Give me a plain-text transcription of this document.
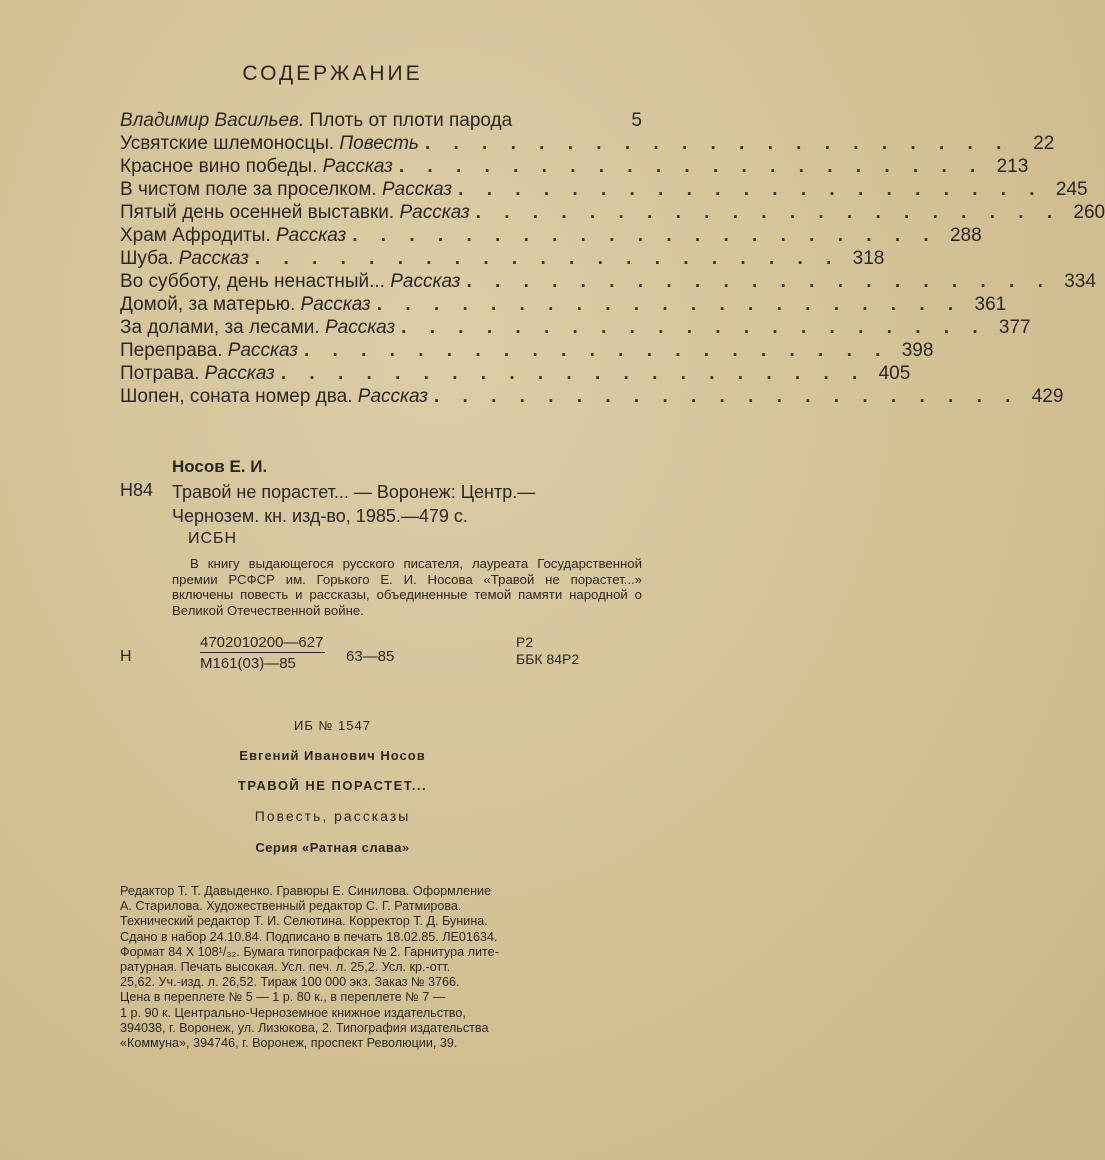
СОДЕРЖАНИЕ
Владимир Васильев. Плоть от плоти парода	5
Усвятские шлемоносцы. Повесть . . . . . . . . . . . . . . . . . . . . .	22
Красное вино победы. Рассказ . . . . . . . . . . . . . . . . . . . . . 213
В чистом поле за проселком. Рассказ . . . . . . . . . . . . . . . . . . . . . 245
Пятый день осенней выставки. Рассказ . . . . . . . . . . . . . . . . . . . . . 260
Храм Афродиты. Рассказ . . . . . . . . . . . . . . . . . . . . . 288
Шуба. Рассказ . . . . . . . . . . . . . . . . . . . . . 318
Во субботу, день ненастный... Рассказ . . . . . . . . . . . . . . . . . . . . . 334
Домой, за матерью. Рассказ . . . . . . . . . . . . . . . . . . . . . 361
За долами, за лесами. Рассказ . . . . . . . . . . . . . . . . . . . . . 377
Переправа. Рассказ . . . . . . . . . . . . . . . . . . . . . 398
Потрава. Рассказ . . . . . . . . . . . . . . . . . . . . . 405
Шопен, соната номер два. Рассказ . . . . . . . . . . . . . . . . . . . . . 429
Носов Е. И.
Н84 Травой не порастет... — Воронеж: Центр.—
Чернозем. кн. изд-во, 1985.—479 с.
ИСБН
В книгу выдающегося русского писателя, лауреата Государственной премии РСФСР им. Горького Е. И. Носова «Травой не порастет...» включены повесть и рассказы, объединенные темой памяти народной о Великой Отечественной войне.
Н
4702010200—627
М161(03)—85	63—85
Р2
ББК 84Р2
ИБ № 1547
Евгений Иванович Носов
ТРАВОЙ НЕ ПОРАСТЕТ...
Повесть, рассказы
Серия «Ратная слава»
Редактор Т. Т. Давыденко. Гравюры Е. Синилова. Оформление
А. Старилова. Художественный редактор С. Г. Ратмирова.
Технический редактор Т. И. Селютина. Корректор Т. Д. Бунина.
Сдано в набор 24.10.84. Подписано в печать 18.02.85. ЛЕ01634.
Формат 84 Х 108¹/₃₂. Бумага типографская № 2. Гарнитура лите-
ратурная. Печать высокая. Усл. печ. л. 25,2. Усл. кр.-отт.
25,62. Уч.-изд. л. 26,52. Тираж 100 000 экз. Заказ № 3766.
Цена в переплете № 5 — 1 р. 80 к., в переплете № 7 —
1 р. 90 к. Центрально-Черноземное книжное издательство,
394038, г. Воронеж, ул. Лизюкова, 2. Типография издательства
«Коммуна», 394746, г. Воронеж, проспект Революции, 39.
